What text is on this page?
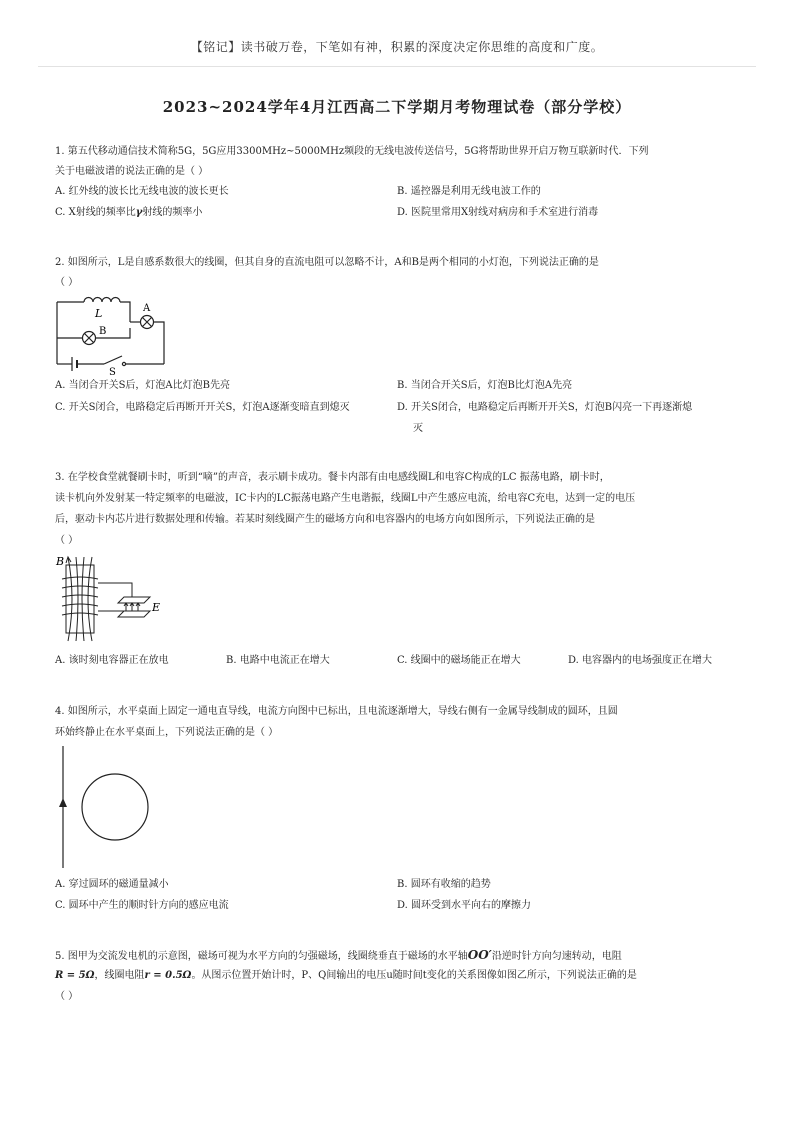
【铭记】读书破万卷，下笔如有神，积累的深度决定你思维的高度和广度。
2023~2024学年4月江西高二下学期月考物理试卷（部分学校）
1. 第五代移动通信技术简称5G，5G应用3300MHz~5000MHz频段的无线电波传送信号，5G将帮助世界开启万物互联新时代．下列
关于电磁波谱的说法正确的是（ ）
A. 红外线的波长比无线电波的波长更长	B. 遥控器是利用无线电波工作的
C. X射线的频率比γ射线的频率小	D. 医院里常用X射线对病房和手术室进行消毒
2. 如图所示，L是自感系数很大的线圈，但其自身的直流电阻可以忽略不计，A和B是两个相同的小灯泡，下列说法正确的是
（ ）
L	A
B
S
A. 当闭合开关S后，灯泡A比灯泡B先亮	B. 当闭合开关S后，灯泡B比灯泡A先亮
C. 开关S闭合，电路稳定后再断开开关S，灯泡A逐渐变暗直到熄灭	D. 开关S闭合，电路稳定后再断开开关S，灯泡B闪亮一下再逐渐熄
灭
3. 在学校食堂就餐刷卡时，听到“嘀”的声音，表示刷卡成功。餐卡内部有由电感线圈L和电容C构成的LC 振荡电路，刷卡时，
读卡机向外发射某一特定频率的电磁波，IC卡内的LC振荡电路产生电谐振，线圈L中产生感应电流，给电容C充电，达到一定的电压
后，驱动卡内芯片进行数据处理和传输。若某时刻线圈产生的磁场方向和电容器内的电场方向如图所示，下列说法正确的是
（ ）
B
E
A. 该时刻电容器正在放电	B. 电路中电流正在增大	C. 线圈中的磁场能正在增大	D. 电容器内的电场强度正在增大
4. 如图所示，水平桌面上固定一通电直导线，电流方向图中已标出，且电流逐渐增大，导线右侧有一金属导线制成的圆环，且圆
环始终静止在水平桌面上，下列说法正确的是（ ）
A. 穿过圆环的磁通量减小	B. 圆环有收缩的趋势
C. 圆环中产生的顺时针方向的感应电流	D. 圆环受到水平向右的摩擦力
5. 图甲为交流发电机的示意图，磁场可视为水平方向的匀强磁场，线圈绕垂直于磁场的水平轴OO′沿逆时针方向匀速转动，电阻
R = 5Ω，线圈电阻r = 0.5Ω。从图示位置开始计时，P、Q间输出的电压u随时间t变化的关系图像如图乙所示，下列说法正确的是
（ ）
